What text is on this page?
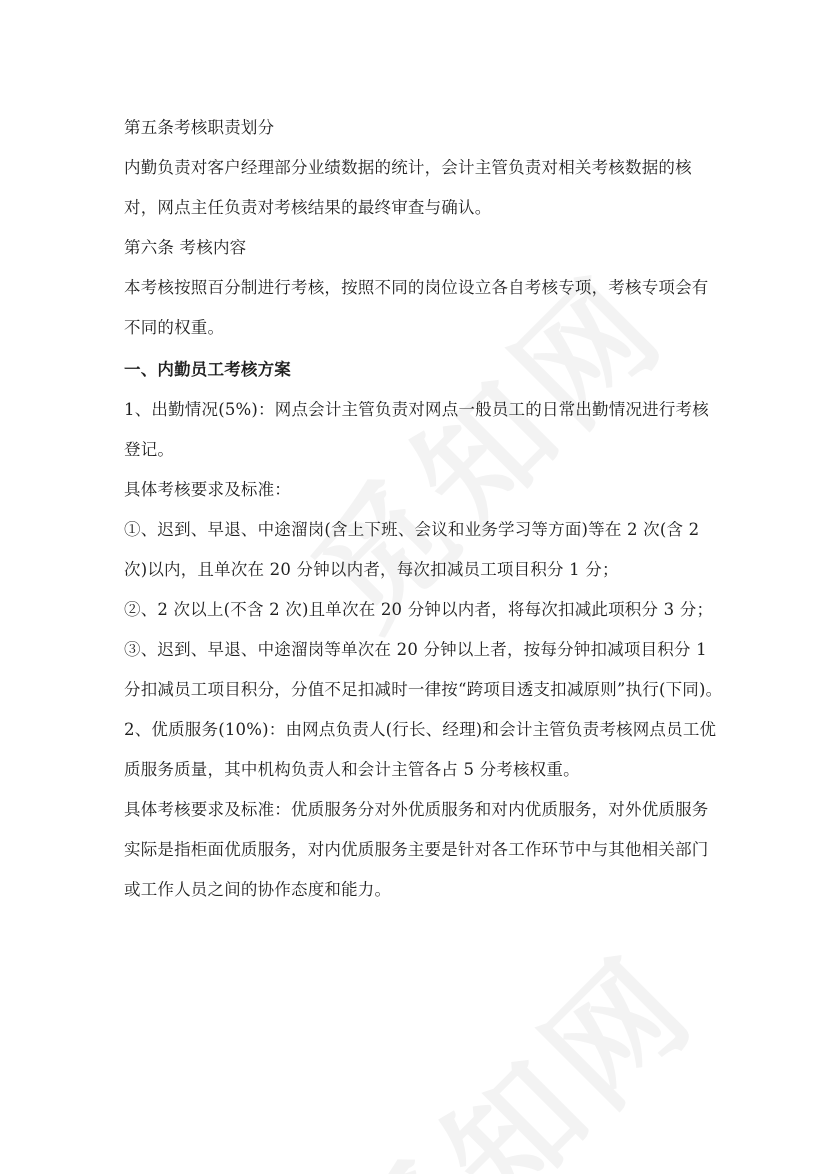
第五条考核职责划分

内勤负责对客户经理部分业绩数据的统计，会计主管负责对相关考核数据的核对，网点主任负责对考核结果的最终审查与确认。

第六条 考核内容

本考核按照百分制进行考核，按照不同的岗位设立各自考核专项，考核专项会有不同的权重。

一、内勤员工考核方案

1、出勤情况(5%)：网点会计主管负责对网点一般员工的日常出勤情况进行考核登记。

具体考核要求及标准：

①、迟到、早退、中途溜岗(含上下班、会议和业务学习等方面)等在 2 次(含 2 次)以内，且单次在 20 分钟以内者，每次扣减员工项目积分 1 分；

②、2 次以上(不含 2 次)且单次在 20 分钟以内者，将每次扣减此项积分 3 分；

③、迟到、早退、中途溜岗等单次在 20 分钟以上者，按每分钟扣减项目积分 1 分扣减员工项目积分，分值不足扣减时一律按“跨项目透支扣减原则”执行(下同)。

2、优质服务(10%)：由网点负责人(行长、经理)和会计主管负责考核网点员工优质服务质量，其中机构负责人和会计主管各占 5 分考核权重。

具体考核要求及标准：优质服务分对外优质服务和对内优质服务，对外优质服务实际是指柜面优质服务，对内优质服务主要是针对各工作环节中与其他相关部门或工作人员之间的协作态度和能力。
